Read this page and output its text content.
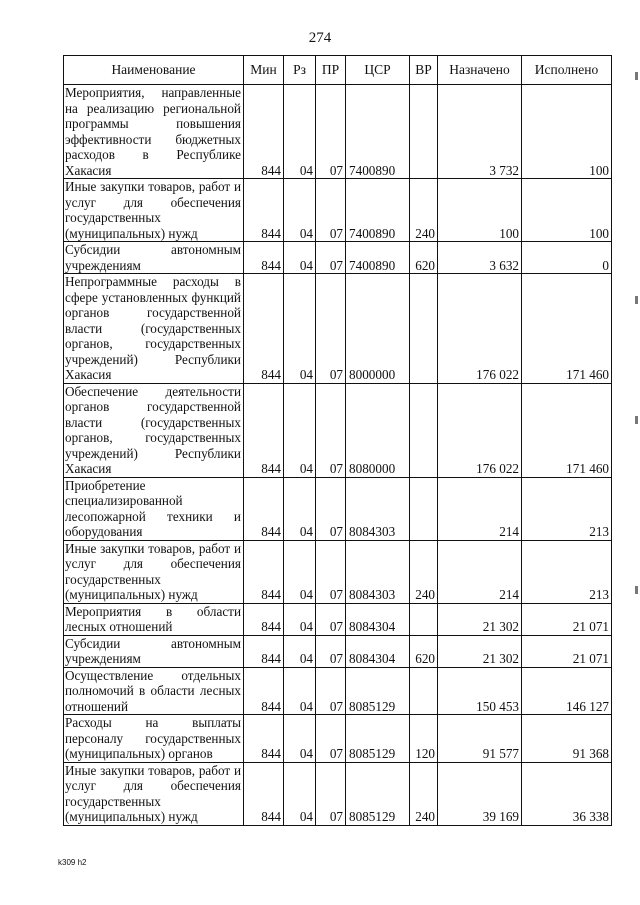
274
Наименование	Мин	Рз	ПР	ЦСР	ВР	Назначено	Исполнено
Мероприятия, направленные на реализацию региональной программы повышения эффективности бюджетных расходов в Республике Хакасия	844	04	07	7400890		3 732	100
Иные закупки товаров, работ и услуг для обеспечения государственных (муниципальных) нужд	844	04	07	7400890	240	100	100
Субсидии автономным учреждениям	844	04	07	7400890	620	3 632	0
Непрограммные расходы в сфере установленных функций органов государственной власти (государственных органов, государственных учреждений) Республики Хакасия	844	04	07	8000000		176 022	171 460
Обеспечение деятельности органов государственной власти (государственных органов, государственных учреждений) Республики Хакасия	844	04	07	8080000		176 022	171 460
Приобретение специализированной лесопожарной техники и оборудования	844	04	07	8084303		214	213
Иные закупки товаров, работ и услуг для обеспечения государственных (муниципальных) нужд	844	04	07	8084303	240	214	213
Мероприятия в области лесных отношений	844	04	07	8084304		21 302	21 071
Субсидии автономным учреждениям	844	04	07	8084304	620	21 302	21 071
Осуществление отдельных полномочий в области лесных отношений	844	04	07	8085129		150 453	146 127
Расходы на выплаты персоналу государственных (муниципальных) органов	844	04	07	8085129	120	91 577	91 368
Иные закупки товаров, работ и услуг для обеспечения государственных (муниципальных) нужд	844	04	07	8085129	240	39 169	36 338
k309 h2
